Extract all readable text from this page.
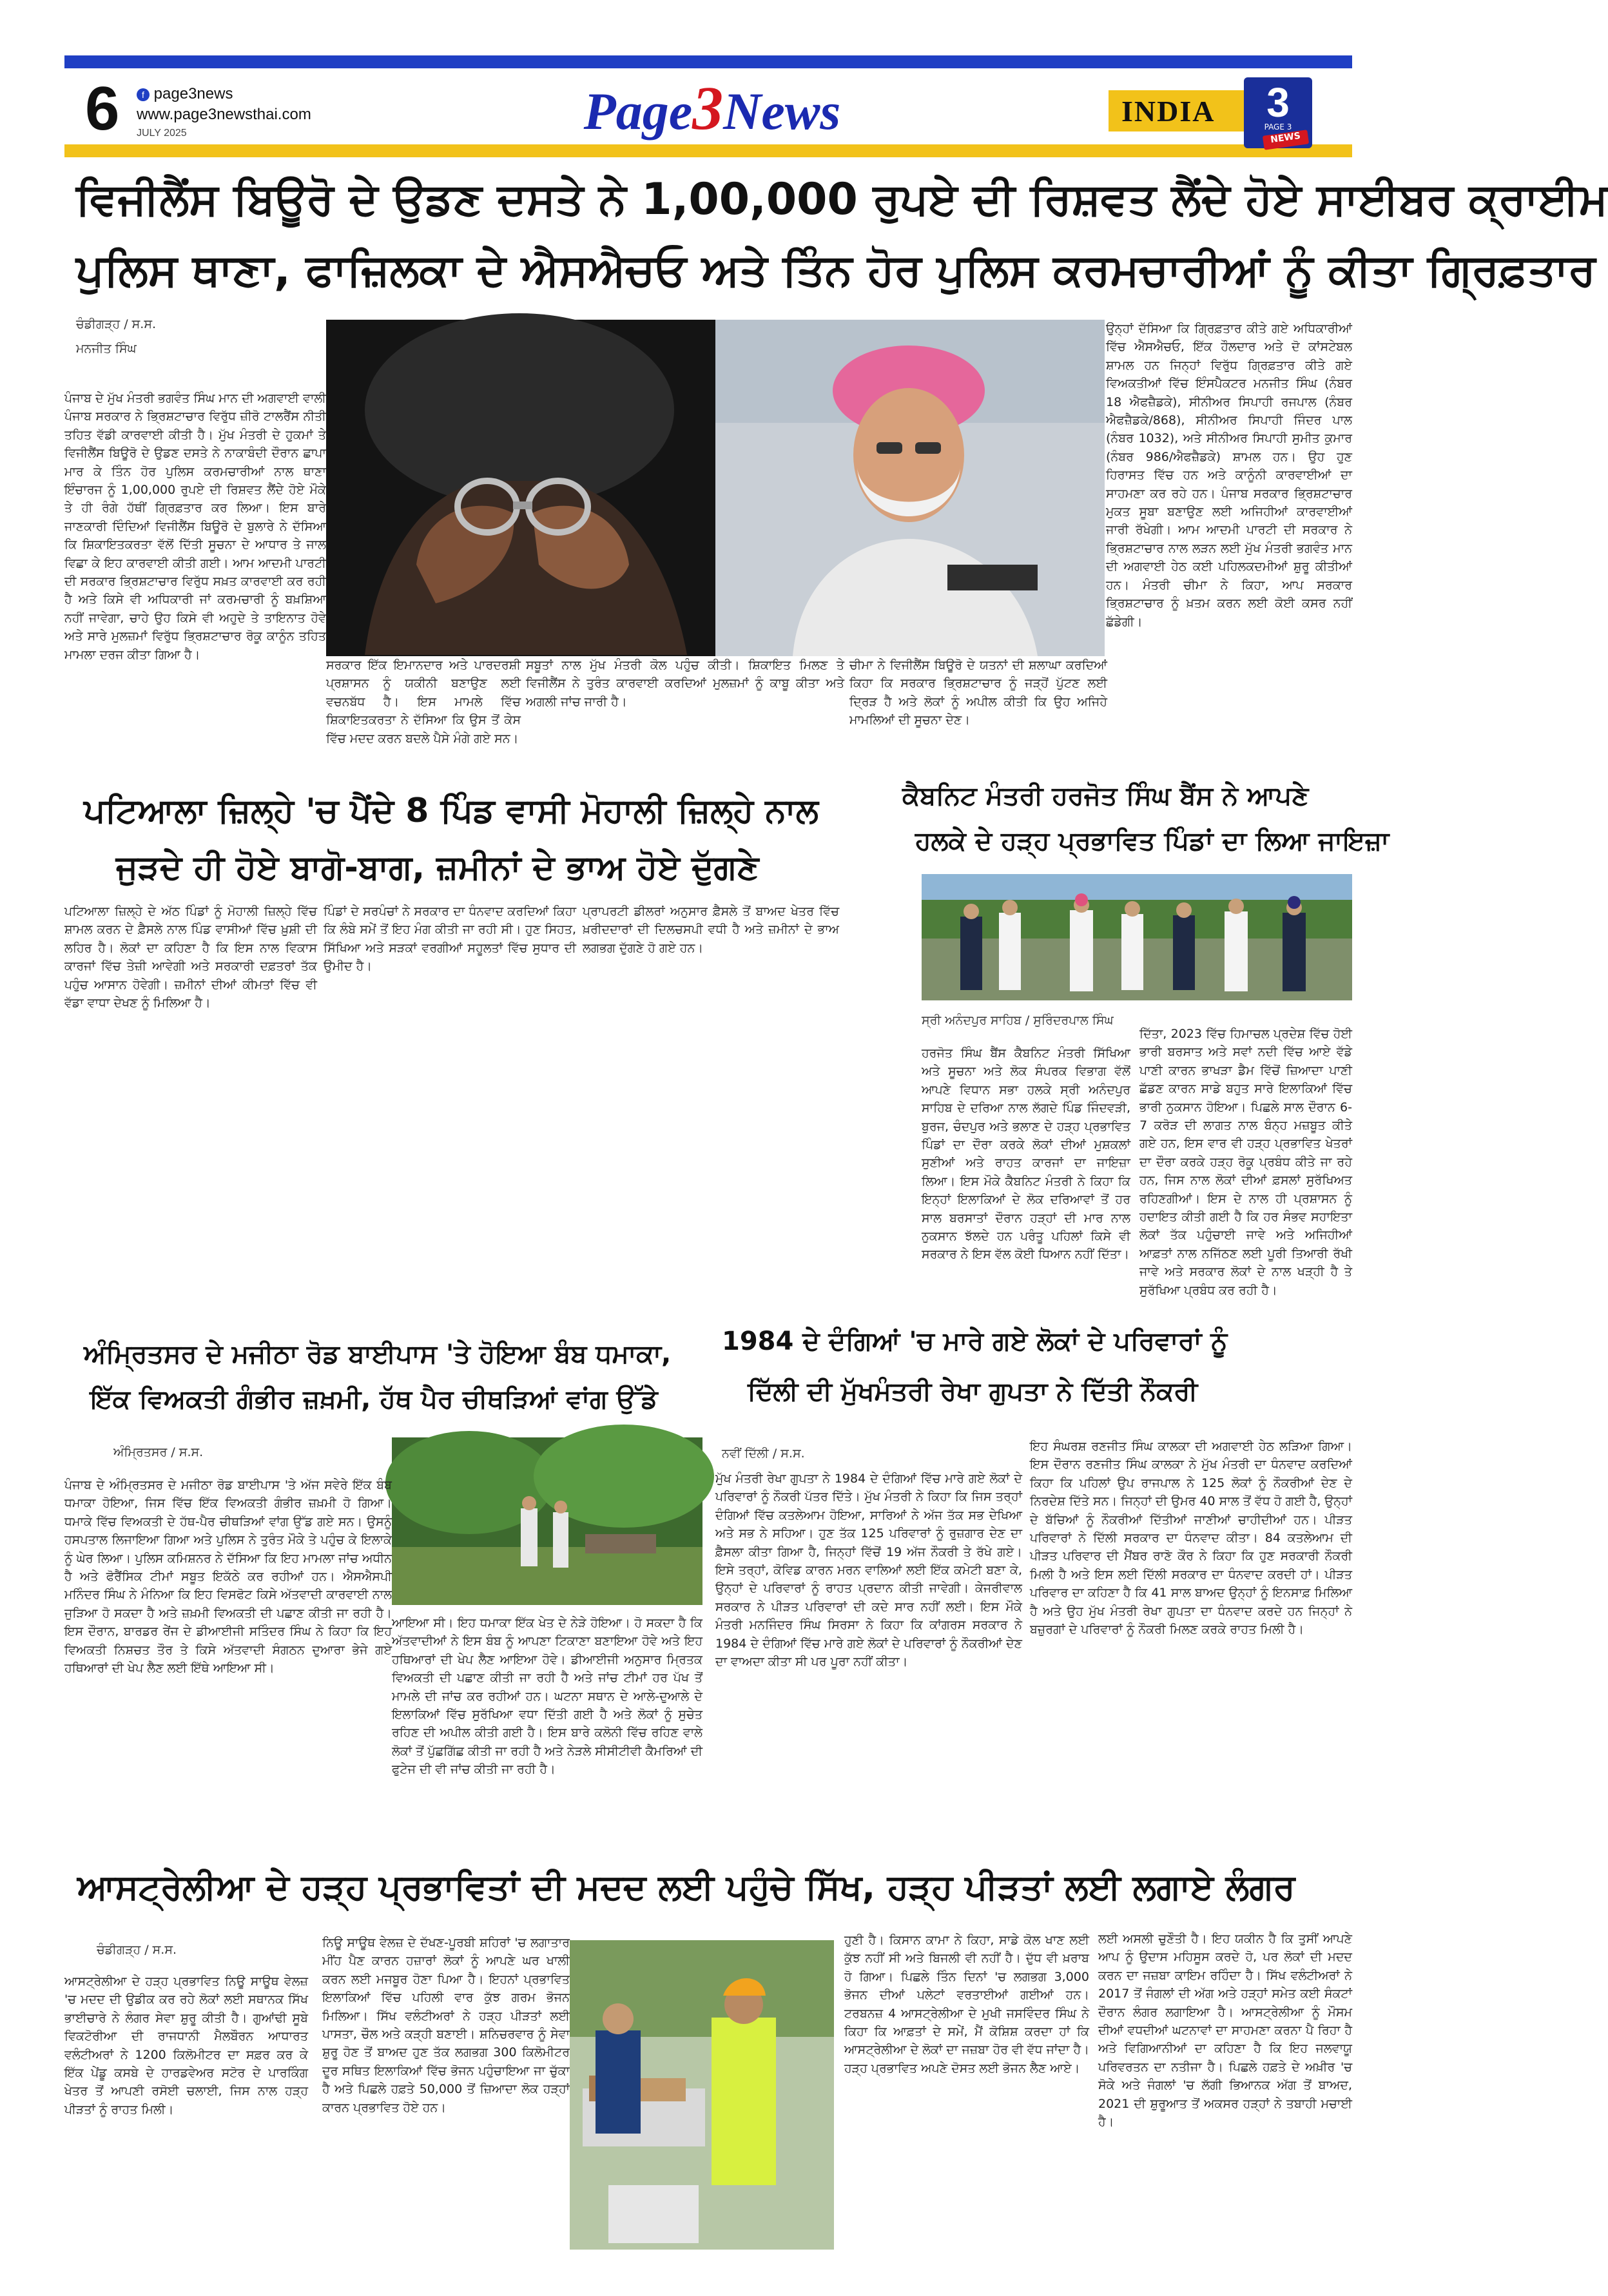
6	f page3news
www.page3newsthai.com
JULY 2025	Page3News	INDIA	3
PAGE 3
NEWS
ਵਿਜੀਲੈਂਸ ਬਿਊਰੋ ਦੇ ਉਡਣ ਦਸਤੇ ਨੇ 1,00,000 ਰੁਪਏ ਦੀ ਰਿਸ਼ਵਤ ਲੈਂਦੇ ਹੋਏ ਸਾਈਬਰ ਕ੍ਰਾਈਮ
ਪੁਲਿਸ ਥਾਣਾ, ਫਾਜ਼ਿਲਕਾ ਦੇ ਐਸਐਚਓ ਅਤੇ ਤਿੰਨ ਹੋਰ ਪੁਲਿਸ ਕਰਮਚਾਰੀਆਂ ਨੂੰ ਕੀਤਾ ਗ੍ਰਿਫ਼ਤਾਰ
ਚੰਡੀਗੜ੍ਹ / ਸ.ਸ.
ਮਨਜੀਤ ਸਿੰਘ
ਪੰਜਾਬ ਦੇ ਮੁੱਖ ਮੰਤਰੀ ਭਗਵੰਤ ਸਿੰਘ ਮਾਨ ਦੀ ਅਗਵਾਈ ਵਾਲੀ ਪੰਜਾਬ ਸਰਕਾਰ ਨੇ ਭ੍ਰਿਸ਼ਟਾਚਾਰ ਵਿਰੁੱਧ ਜ਼ੀਰੋ ਟਾਲਰੈਂਸ ਨੀਤੀ ਤਹਿਤ ਵੱਡੀ ਕਾਰਵਾਈ ਕੀਤੀ ਹੈ। ਮੁੱਖ ਮੰਤਰੀ ਦੇ ਹੁਕਮਾਂ ਤੇ ਵਿਜੀਲੈਂਸ ਬਿਊਰੋ ਦੇ ਉਡਣ ਦਸਤੇ ਨੇ ਨਾਕਾਬੰਦੀ ਦੌਰਾਨ ਛਾਪਾ ਮਾਰ ਕੇ ਤਿੰਨ ਹੋਰ ਪੁਲਿਸ ਕਰਮਚਾਰੀਆਂ ਨਾਲ ਥਾਣਾ ਇੰਚਾਰਜ ਨੂੰ 1,00,000 ਰੁਪਏ ਦੀ ਰਿਸ਼ਵਤ ਲੈਂਦੇ ਹੋਏ ਮੌਕੇ ਤੇ ਹੀ ਰੰਗੇ ਹੱਥੀਂ ਗ੍ਰਿਫ਼ਤਾਰ ਕਰ ਲਿਆ। ਇਸ ਬਾਰੇ ਜਾਣਕਾਰੀ ਦਿੰਦਿਆਂ ਵਿਜੀਲੈਂਸ ਬਿਊਰੋ ਦੇ ਬੁਲਾਰੇ ਨੇ ਦੱਸਿਆ ਕਿ ਸ਼ਿਕਾਇਤਕਰਤਾ ਵੱਲੋਂ ਦਿੱਤੀ ਸੂਚਨਾ ਦੇ ਆਧਾਰ ਤੇ ਜਾਲ ਵਿਛਾ ਕੇ ਇਹ ਕਾਰਵਾਈ ਕੀਤੀ ਗਈ। ਆਮ ਆਦਮੀ ਪਾਰਟੀ ਦੀ ਸਰਕਾਰ ਭ੍ਰਿਸ਼ਟਾਚਾਰ ਵਿਰੁੱਧ ਸਖ਼ਤ ਕਾਰਵਾਈ ਕਰ ਰਹੀ ਹੈ ਅਤੇ ਕਿਸੇ ਵੀ ਅਧਿਕਾਰੀ ਜਾਂ ਕਰਮਚਾਰੀ ਨੂੰ ਬਖ਼ਸ਼ਿਆ ਨਹੀਂ ਜਾਵੇਗਾ, ਚਾਹੇ ਉਹ ਕਿਸੇ ਵੀ ਅਹੁਦੇ ਤੇ ਤਾਇਨਾਤ ਹੋਵੇ ਅਤੇ ਸਾਰੇ ਮੁਲਜ਼ਮਾਂ ਵਿਰੁੱਧ ਭ੍ਰਿਸ਼ਟਾਚਾਰ ਰੋਕੂ ਕਾਨੂੰਨ ਤਹਿਤ ਮਾਮਲਾ ਦਰਜ ਕੀਤਾ ਗਿਆ ਹੈ।
ਸਰਕਾਰ ਇੱਕ ਇਮਾਨਦਾਰ ਅਤੇ ਪਾਰਦਰਸ਼ੀ ਪ੍ਰਸ਼ਾਸਨ ਨੂੰ ਯਕੀਨੀ ਬਣਾਉਣ ਲਈ ਵਚਨਬੱਧ ਹੈ। ਇਸ ਮਾਮਲੇ ਵਿੱਚ ਸ਼ਿਕਾਇਤਕਰਤਾ ਨੇ ਦੱਸਿਆ ਕਿ ਉਸ ਤੋਂ ਕੇਸ ਵਿੱਚ ਮਦਦ ਕਰਨ ਬਦਲੇ ਪੈਸੇ ਮੰਗੇ ਗਏ ਸਨ।
ਸਬੂਤਾਂ ਨਾਲ ਮੁੱਖ ਮੰਤਰੀ ਕੋਲ ਪਹੁੰਚ ਕੀਤੀ। ਸ਼ਿਕਾਇਤ ਮਿਲਣ ਤੇ ਵਿਜੀਲੈਂਸ ਨੇ ਤੁਰੰਤ ਕਾਰਵਾਈ ਕਰਦਿਆਂ ਮੁਲਜ਼ਮਾਂ ਨੂੰ ਕਾਬੂ ਕੀਤਾ ਅਤੇ ਅਗਲੀ ਜਾਂਚ ਜਾਰੀ ਹੈ।
ਚੀਮਾ ਨੇ ਵਿਜੀਲੈਂਸ ਬਿਊਰੋ ਦੇ ਯਤਨਾਂ ਦੀ ਸ਼ਲਾਘਾ ਕਰਦਿਆਂ ਕਿਹਾ ਕਿ ਸਰਕਾਰ ਭ੍ਰਿਸ਼ਟਾਚਾਰ ਨੂੰ ਜੜ੍ਹੋਂ ਪੁੱਟਣ ਲਈ ਦ੍ਰਿੜ ਹੈ ਅਤੇ ਲੋਕਾਂ ਨੂੰ ਅਪੀਲ ਕੀਤੀ ਕਿ ਉਹ ਅਜਿਹੇ ਮਾਮਲਿਆਂ ਦੀ ਸੂਚਨਾ ਦੇਣ।
ਉਨ੍ਹਾਂ ਦੱਸਿਆ ਕਿ ਗ੍ਰਿਫ਼ਤਾਰ ਕੀਤੇ ਗਏ ਅਧਿਕਾਰੀਆਂ ਵਿੱਚ ਐਸਐਚਓ, ਇੱਕ ਹੌਲਦਾਰ ਅਤੇ ਦੋ ਕਾਂਸਟੇਬਲ ਸ਼ਾਮਲ ਹਨ ਜਿਨ੍ਹਾਂ ਵਿਰੁੱਧ ਗ੍ਰਿਫ਼ਤਾਰ ਕੀਤੇ ਗਏ ਵਿਅਕਤੀਆਂ ਵਿੱਚ ਇੰਸਪੈਕਟਰ ਮਨਜੀਤ ਸਿੰਘ (ਨੰਬਰ 18 ਐਫਜ਼ੈਡਕੇ), ਸੀਨੀਅਰ ਸਿਪਾਹੀ ਰਜਪਾਲ (ਨੰਬਰ ਐਫਜ਼ੈਡਕੇ/868), ਸੀਨੀਅਰ ਸਿਪਾਹੀ ਜਿੰਦਰ ਪਾਲ (ਨੰਬਰ 1032), ਅਤੇ ਸੀਨੀਅਰ ਸਿਪਾਹੀ ਸੁਮੀਤ ਕੁਮਾਰ (ਨੰਬਰ 986/ਐਫਜ਼ੈਡਕੇ) ਸ਼ਾਮਲ ਹਨ। ਉਹ ਹੁਣ ਹਿਰਾਸਤ ਵਿੱਚ ਹਨ ਅਤੇ ਕਾਨੂੰਨੀ ਕਾਰਵਾਈਆਂ ਦਾ ਸਾਹਮਣਾ ਕਰ ਰਹੇ ਹਨ। ਪੰਜਾਬ ਸਰਕਾਰ ਭ੍ਰਿਸ਼ਟਾਚਾਰ ਮੁਕਤ ਸੂਬਾ ਬਣਾਉਣ ਲਈ ਅਜਿਹੀਆਂ ਕਾਰਵਾਈਆਂ ਜਾਰੀ ਰੱਖੇਗੀ। ਆਮ ਆਦਮੀ ਪਾਰਟੀ ਦੀ ਸਰਕਾਰ ਨੇ ਭ੍ਰਿਸ਼ਟਾਚਾਰ ਨਾਲ ਲੜਨ ਲਈ ਮੁੱਖ ਮੰਤਰੀ ਭਗਵੰਤ ਮਾਨ ਦੀ ਅਗਵਾਈ ਹੇਠ ਕਈ ਪਹਿਲਕਦਮੀਆਂ ਸ਼ੁਰੂ ਕੀਤੀਆਂ ਹਨ। ਮੰਤਰੀ ਚੀਮਾ ਨੇ ਕਿਹਾ, ਆਪ ਸਰਕਾਰ ਭ੍ਰਿਸ਼ਟਾਚਾਰ ਨੂੰ ਖ਼ਤਮ ਕਰਨ ਲਈ ਕੋਈ ਕਸਰ ਨਹੀਂ ਛੱਡੇਗੀ।
ਪਟਿਆਲਾ ਜ਼ਿਲ੍ਹੇ 'ਚ ਪੈਂਦੇ 8 ਪਿੰਡ ਵਾਸੀ ਮੋਹਾਲੀ ਜ਼ਿਲ੍ਹੇ ਨਾਲ
ਜੁੜਦੇ ਹੀ ਹੋਏ ਬਾਗੋ-ਬਾਗ, ਜ਼ਮੀਨਾਂ ਦੇ ਭਾਅ ਹੋਏ ਦੁੱਗਣੇ
ਪਟਿਆਲਾ ਜ਼ਿਲ੍ਹੇ ਦੇ ਅੱਠ ਪਿੰਡਾਂ ਨੂੰ ਮੋਹਾਲੀ ਜ਼ਿਲ੍ਹੇ ਵਿੱਚ ਸ਼ਾਮਲ ਕਰਨ ਦੇ ਫ਼ੈਸਲੇ ਨਾਲ ਪਿੰਡ ਵਾਸੀਆਂ ਵਿੱਚ ਖ਼ੁਸ਼ੀ ਦੀ ਲਹਿਰ ਹੈ। ਲੋਕਾਂ ਦਾ ਕਹਿਣਾ ਹੈ ਕਿ ਇਸ ਨਾਲ ਵਿਕਾਸ ਕਾਰਜਾਂ ਵਿੱਚ ਤੇਜ਼ੀ ਆਵੇਗੀ ਅਤੇ ਸਰਕਾਰੀ ਦਫ਼ਤਰਾਂ ਤੱਕ ਪਹੁੰਚ ਆਸਾਨ ਹੋਵੇਗੀ। ਜ਼ਮੀਨਾਂ ਦੀਆਂ ਕੀਮਤਾਂ ਵਿੱਚ ਵੀ ਵੱਡਾ ਵਾਧਾ ਦੇਖਣ ਨੂੰ ਮਿਲਿਆ ਹੈ।
ਪਿੰਡਾਂ ਦੇ ਸਰਪੰਚਾਂ ਨੇ ਸਰਕਾਰ ਦਾ ਧੰਨਵਾਦ ਕਰਦਿਆਂ ਕਿਹਾ ਕਿ ਲੰਬੇ ਸਮੇਂ ਤੋਂ ਇਹ ਮੰਗ ਕੀਤੀ ਜਾ ਰਹੀ ਸੀ। ਹੁਣ ਸਿਹਤ, ਸਿੱਖਿਆ ਅਤੇ ਸੜਕਾਂ ਵਰਗੀਆਂ ਸਹੂਲਤਾਂ ਵਿੱਚ ਸੁਧਾਰ ਦੀ ਉਮੀਦ ਹੈ।
ਪ੍ਰਾਪਰਟੀ ਡੀਲਰਾਂ ਅਨੁਸਾਰ ਫ਼ੈਸਲੇ ਤੋਂ ਬਾਅਦ ਖੇਤਰ ਵਿੱਚ ਖ਼ਰੀਦਦਾਰਾਂ ਦੀ ਦਿਲਚਸਪੀ ਵਧੀ ਹੈ ਅਤੇ ਜ਼ਮੀਨਾਂ ਦੇ ਭਾਅ ਲਗਭਗ ਦੁੱਗਣੇ ਹੋ ਗਏ ਹਨ।
ਕੈਬਨਿਟ ਮੰਤਰੀ ਹਰਜੋਤ ਸਿੰਘ ਬੈਂਸ ਨੇ ਆਪਣੇ
ਹਲਕੇ ਦੇ ਹੜ੍ਹ ਪ੍ਰਭਾਵਿਤ ਪਿੰਡਾਂ ਦਾ ਲਿਆ ਜਾਇਜ਼ਾ
ਸ੍ਰੀ ਅਨੰਦਪੁਰ ਸਾਹਿਬ / ਸੁਰਿੰਦਰਪਾਲ ਸਿੰਘ
ਹਰਜੋਤ ਸਿੰਘ ਬੈਂਸ ਕੈਬਨਿਟ ਮੰਤਰੀ ਸਿੱਖਿਆ ਅਤੇ ਸੂਚਨਾ ਅਤੇ ਲੋਕ ਸੰਪਰਕ ਵਿਭਾਗ ਵੱਲੋਂ ਆਪਣੇ ਵਿਧਾਨ ਸਭਾ ਹਲਕੇ ਸ੍ਰੀ ਅਨੰਦਪੁਰ ਸਾਹਿਬ ਦੇ ਦਰਿਆ ਨਾਲ ਲੱਗਦੇ ਪਿੰਡ ਜਿੰਦਵੜੀ, ਬੁਰਜ, ਚੰਦਪੁਰ ਅਤੇ ਭਲਾਣ ਦੇ ਹੜ੍ਹ ਪ੍ਰਭਾਵਿਤ ਪਿੰਡਾਂ ਦਾ ਦੌਰਾ ਕਰਕੇ ਲੋਕਾਂ ਦੀਆਂ ਮੁਸ਼ਕਲਾਂ ਸੁਣੀਆਂ ਅਤੇ ਰਾਹਤ ਕਾਰਜਾਂ ਦਾ ਜਾਇਜ਼ਾ ਲਿਆ। ਇਸ ਮੌਕੇ ਕੈਬਨਿਟ ਮੰਤਰੀ ਨੇ ਕਿਹਾ ਕਿ ਇਨ੍ਹਾਂ ਇਲਾਕਿਆਂ ਦੇ ਲੋਕ ਦਰਿਆਵਾਂ ਤੋਂ ਹਰ ਸਾਲ ਬਰਸਾਤਾਂ ਦੌਰਾਨ ਹੜ੍ਹਾਂ ਦੀ ਮਾਰ ਨਾਲ ਨੁਕਸਾਨ ਝੱਲਦੇ ਹਨ ਪਰੰਤੂ ਪਹਿਲਾਂ ਕਿਸੇ ਵੀ ਸਰਕਾਰ ਨੇ ਇਸ ਵੱਲ ਕੋਈ ਧਿਆਨ ਨਹੀਂ ਦਿੱਤਾ।
ਦਿੱਤਾ, 2023 ਵਿੱਚ ਹਿਮਾਚਲ ਪ੍ਰਦੇਸ਼ ਵਿੱਚ ਹੋਈ ਭਾਰੀ ਬਰਸਾਤ ਅਤੇ ਸਵਾਂ ਨਦੀ ਵਿੱਚ ਆਏ ਵੱਡੇ ਪਾਣੀ ਕਾਰਨ ਭਾਖੜਾ ਡੈਮ ਵਿੱਚੋਂ ਜ਼ਿਆਦਾ ਪਾਣੀ ਛੱਡਣ ਕਾਰਨ ਸਾਡੇ ਬਹੁਤ ਸਾਰੇ ਇਲਾਕਿਆਂ ਵਿੱਚ ਭਾਰੀ ਨੁਕਸਾਨ ਹੋਇਆ। ਪਿਛਲੇ ਸਾਲ ਦੌਰਾਨ 6-7 ਕਰੋੜ ਦੀ ਲਾਗਤ ਨਾਲ ਬੰਨ੍ਹ ਮਜ਼ਬੂਤ ਕੀਤੇ ਗਏ ਹਨ, ਇਸ ਵਾਰ ਵੀ ਹੜ੍ਹ ਪ੍ਰਭਾਵਿਤ ਖੇਤਰਾਂ ਦਾ ਦੌਰਾ ਕਰਕੇ ਹੜ੍ਹ ਰੋਕੂ ਪ੍ਰਬੰਧ ਕੀਤੇ ਜਾ ਰਹੇ ਹਨ, ਜਿਸ ਨਾਲ ਲੋਕਾਂ ਦੀਆਂ ਫ਼ਸਲਾਂ ਸੁਰੱਖਿਅਤ ਰਹਿਣਗੀਆਂ। ਇਸ ਦੇ ਨਾਲ ਹੀ ਪ੍ਰਸ਼ਾਸਨ ਨੂੰ ਹਦਾਇਤ ਕੀਤੀ ਗਈ ਹੈ ਕਿ ਹਰ ਸੰਭਵ ਸਹਾਇਤਾ ਲੋਕਾਂ ਤੱਕ ਪਹੁੰਚਾਈ ਜਾਵੇ ਅਤੇ ਅਜਿਹੀਆਂ ਆਫ਼ਤਾਂ ਨਾਲ ਨਜਿੱਠਣ ਲਈ ਪੂਰੀ ਤਿਆਰੀ ਰੱਖੀ ਜਾਵੇ ਅਤੇ ਸਰਕਾਰ ਲੋਕਾਂ ਦੇ ਨਾਲ ਖੜ੍ਹੀ ਹੈ ਤੇ ਸੁਰੱਖਿਆ ਪ੍ਰਬੰਧ ਕਰ ਰਹੀ ਹੈ।
ਅੰਮ੍ਰਿਤਸਰ ਦੇ ਮਜੀਠਾ ਰੋਡ ਬਾਈਪਾਸ 'ਤੇ ਹੋਇਆ ਬੰਬ ਧਮਾਕਾ,
ਇੱਕ ਵਿਅਕਤੀ ਗੰਭੀਰ ਜ਼ਖ਼ਮੀ, ਹੱਥ ਪੈਰ ਚੀਥੜਿਆਂ ਵਾਂਗ ਉੱਡੇ
ਅੰਮ੍ਰਿਤਸਰ / ਸ.ਸ.
ਪੰਜਾਬ ਦੇ ਅੰਮ੍ਰਿਤਸਰ ਦੇ ਮਜੀਠਾ ਰੋਡ ਬਾਈਪਾਸ 'ਤੇ ਅੱਜ ਸਵੇਰੇ ਇੱਕ ਬੰਬ ਧਮਾਕਾ ਹੋਇਆ, ਜਿਸ ਵਿੱਚ ਇੱਕ ਵਿਅਕਤੀ ਗੰਭੀਰ ਜ਼ਖ਼ਮੀ ਹੋ ਗਿਆ। ਧਮਾਕੇ ਵਿੱਚ ਵਿਅਕਤੀ ਦੇ ਹੱਥ-ਪੈਰ ਚੀਥੜਿਆਂ ਵਾਂਗ ਉੱਡ ਗਏ ਸਨ। ਉਸਨੂੰ ਹਸਪਤਾਲ ਲਿਜਾਇਆ ਗਿਆ ਅਤੇ ਪੁਲਿਸ ਨੇ ਤੁਰੰਤ ਮੌਕੇ ਤੇ ਪਹੁੰਚ ਕੇ ਇਲਾਕੇ ਨੂੰ ਘੇਰ ਲਿਆ। ਪੁਲਿਸ ਕਮਿਸ਼ਨਰ ਨੇ ਦੱਸਿਆ ਕਿ ਇਹ ਮਾਮਲਾ ਜਾਂਚ ਅਧੀਨ ਹੈ ਅਤੇ ਫੋਰੈਂਸਿਕ ਟੀਮਾਂ ਸਬੂਤ ਇਕੱਠੇ ਕਰ ਰਹੀਆਂ ਹਨ। ਐਸਐਸਪੀ ਮਨਿੰਦਰ ਸਿੰਘ ਨੇ ਮੰਨਿਆ ਕਿ ਇਹ ਵਿਸਫੋਟ ਕਿਸੇ ਅੱਤਵਾਦੀ ਕਾਰਵਾਈ ਨਾਲ ਜੁੜਿਆ ਹੋ ਸਕਦਾ ਹੈ ਅਤੇ ਜ਼ਖ਼ਮੀ ਵਿਅਕਤੀ ਦੀ ਪਛਾਣ ਕੀਤੀ ਜਾ ਰਹੀ ਹੈ। ਇਸ ਦੌਰਾਨ, ਬਾਰਡਰ ਰੇਂਜ ਦੇ ਡੀਆਈਜੀ ਸਤਿੰਦਰ ਸਿੰਘ ਨੇ ਕਿਹਾ ਕਿ ਇਹ ਵਿਅਕਤੀ ਨਿਸ਼ਚਤ ਤੌਰ ਤੇ ਕਿਸੇ ਅੱਤਵਾਦੀ ਸੰਗਠਨ ਦੁਆਰਾ ਭੇਜੇ ਗਏ ਹਥਿਆਰਾਂ ਦੀ ਖੇਪ ਲੈਣ ਲਈ ਇੱਥੇ ਆਇਆ ਸੀ।
ਆਇਆ ਸੀ। ਇਹ ਧਮਾਕਾ ਇੱਕ ਖੇਤ ਦੇ ਨੇੜੇ ਹੋਇਆ। ਹੋ ਸਕਦਾ ਹੈ ਕਿ ਅੱਤਵਾਦੀਆਂ ਨੇ ਇਸ ਬੰਬ ਨੂੰ ਆਪਣਾ ਟਿਕਾਣਾ ਬਣਾਇਆ ਹੋਵੇ ਅਤੇ ਇਹ ਹਥਿਆਰਾਂ ਦੀ ਖੇਪ ਲੈਣ ਆਇਆ ਹੋਵੇ। ਡੀਆਈਜੀ ਅਨੁਸਾਰ ਮ੍ਰਿਤਕ ਵਿਅਕਤੀ ਦੀ ਪਛਾਣ ਕੀਤੀ ਜਾ ਰਹੀ ਹੈ ਅਤੇ ਜਾਂਚ ਟੀਮਾਂ ਹਰ ਪੱਖ ਤੋਂ ਮਾਮਲੇ ਦੀ ਜਾਂਚ ਕਰ ਰਹੀਆਂ ਹਨ। ਘਟਨਾ ਸਥਾਨ ਦੇ ਆਲੇ-ਦੁਆਲੇ ਦੇ ਇਲਾਕਿਆਂ ਵਿੱਚ ਸੁਰੱਖਿਆ ਵਧਾ ਦਿੱਤੀ ਗਈ ਹੈ ਅਤੇ ਲੋਕਾਂ ਨੂੰ ਸੁਚੇਤ ਰਹਿਣ ਦੀ ਅਪੀਲ ਕੀਤੀ ਗਈ ਹੈ। ਇਸ ਬਾਰੇ ਕਲੋਨੀ ਵਿੱਚ ਰਹਿਣ ਵਾਲੇ ਲੋਕਾਂ ਤੋਂ ਪੁੱਛਗਿੱਛ ਕੀਤੀ ਜਾ ਰਹੀ ਹੈ ਅਤੇ ਨੇੜਲੇ ਸੀਸੀਟੀਵੀ ਕੈਮਰਿਆਂ ਦੀ ਫੁਟੇਜ ਦੀ ਵੀ ਜਾਂਚ ਕੀਤੀ ਜਾ ਰਹੀ ਹੈ।
1984 ਦੇ ਦੰਗਿਆਂ 'ਚ ਮਾਰੇ ਗਏ ਲੋਕਾਂ ਦੇ ਪਰਿਵਾਰਾਂ ਨੂੰ
ਦਿੱਲੀ ਦੀ ਮੁੱਖਮੰਤਰੀ ਰੇਖਾ ਗੁਪਤਾ ਨੇ ਦਿੱਤੀ ਨੌਕਰੀ
ਨਵੀਂ ਦਿੱਲੀ / ਸ.ਸ.
ਮੁੱਖ ਮੰਤਰੀ ਰੇਖਾ ਗੁਪਤਾ ਨੇ 1984 ਦੇ ਦੰਗਿਆਂ ਵਿੱਚ ਮਾਰੇ ਗਏ ਲੋਕਾਂ ਦੇ ਪਰਿਵਾਰਾਂ ਨੂੰ ਨੌਕਰੀ ਪੱਤਰ ਦਿੱਤੇ। ਮੁੱਖ ਮੰਤਰੀ ਨੇ ਕਿਹਾ ਕਿ ਜਿਸ ਤਰ੍ਹਾਂ ਦੰਗਿਆਂ ਵਿੱਚ ਕਤਲੇਆਮ ਹੋਇਆ, ਸਾਰਿਆਂ ਨੇ ਅੱਜ ਤੱਕ ਸਭ ਦੇਖਿਆ ਅਤੇ ਸਭ ਨੇ ਸਹਿਆ। ਹੁਣ ਤੱਕ 125 ਪਰਿਵਾਰਾਂ ਨੂੰ ਰੁਜ਼ਗਾਰ ਦੇਣ ਦਾ ਫ਼ੈਸਲਾ ਕੀਤਾ ਗਿਆ ਹੈ, ਜਿਨ੍ਹਾਂ ਵਿੱਚੋਂ 19 ਅੱਜ ਨੌਕਰੀ ਤੇ ਰੱਖੇ ਗਏ। ਇਸੇ ਤਰ੍ਹਾਂ, ਕੋਵਿਡ ਕਾਰਨ ਮਰਨ ਵਾਲਿਆਂ ਲਈ ਇੱਕ ਕਮੇਟੀ ਬਣਾ ਕੇ, ਉਨ੍ਹਾਂ ਦੇ ਪਰਿਵਾਰਾਂ ਨੂੰ ਰਾਹਤ ਪ੍ਰਦਾਨ ਕੀਤੀ ਜਾਵੇਗੀ। ਕੇਜਰੀਵਾਲ ਸਰਕਾਰ ਨੇ ਪੀੜਤ ਪਰਿਵਾਰਾਂ ਦੀ ਕਦੇ ਸਾਰ ਨਹੀਂ ਲਈ। ਇਸ ਮੌਕੇ ਮੰਤਰੀ ਮਨਜਿੰਦਰ ਸਿੰਘ ਸਿਰਸਾ ਨੇ ਕਿਹਾ ਕਿ ਕਾਂਗਰਸ ਸਰਕਾਰ ਨੇ 1984 ਦੇ ਦੰਗਿਆਂ ਵਿੱਚ ਮਾਰੇ ਗਏ ਲੋਕਾਂ ਦੇ ਪਰਿਵਾਰਾਂ ਨੂੰ ਨੌਕਰੀਆਂ ਦੇਣ ਦਾ ਵਾਅਦਾ ਕੀਤਾ ਸੀ ਪਰ ਪੂਰਾ ਨਹੀਂ ਕੀਤਾ।
ਇਹ ਸੰਘਰਸ਼ ਰਣਜੀਤ ਸਿੰਘ ਕਾਲਕਾ ਦੀ ਅਗਵਾਈ ਹੇਠ ਲੜਿਆ ਗਿਆ। ਇਸ ਦੌਰਾਨ ਰਣਜੀਤ ਸਿੰਘ ਕਾਲਕਾ ਨੇ ਮੁੱਖ ਮੰਤਰੀ ਦਾ ਧੰਨਵਾਦ ਕਰਦਿਆਂ ਕਿਹਾ ਕਿ ਪਹਿਲਾਂ ਉਪ ਰਾਜਪਾਲ ਨੇ 125 ਲੋਕਾਂ ਨੂੰ ਨੌਕਰੀਆਂ ਦੇਣ ਦੇ ਨਿਰਦੇਸ਼ ਦਿੱਤੇ ਸਨ। ਜਿਨ੍ਹਾਂ ਦੀ ਉਮਰ 40 ਸਾਲ ਤੋਂ ਵੱਧ ਹੋ ਗਈ ਹੈ, ਉਨ੍ਹਾਂ ਦੇ ਬੱਚਿਆਂ ਨੂੰ ਨੌਕਰੀਆਂ ਦਿੱਤੀਆਂ ਜਾਣੀਆਂ ਚਾਹੀਦੀਆਂ ਹਨ। ਪੀੜਤ ਪਰਿਵਾਰਾਂ ਨੇ ਦਿੱਲੀ ਸਰਕਾਰ ਦਾ ਧੰਨਵਾਦ ਕੀਤਾ। 84 ਕਤਲੇਆਮ ਦੀ ਪੀੜਤ ਪਰਿਵਾਰ ਦੀ ਮੈਂਬਰ ਰਾਣੋ ਕੌਰ ਨੇ ਕਿਹਾ ਕਿ ਹੁਣ ਸਰਕਾਰੀ ਨੌਕਰੀ ਮਿਲੀ ਹੈ ਅਤੇ ਇਸ ਲਈ ਦਿੱਲੀ ਸਰਕਾਰ ਦਾ ਧੰਨਵਾਦ ਕਰਦੀ ਹਾਂ। ਪੀੜਤ ਪਰਿਵਾਰ ਦਾ ਕਹਿਣਾ ਹੈ ਕਿ 41 ਸਾਲ ਬਾਅਦ ਉਨ੍ਹਾਂ ਨੂੰ ਇਨਸਾਫ਼ ਮਿਲਿਆ ਹੈ ਅਤੇ ਉਹ ਮੁੱਖ ਮੰਤਰੀ ਰੇਖਾ ਗੁਪਤਾ ਦਾ ਧੰਨਵਾਦ ਕਰਦੇ ਹਨ ਜਿਨ੍ਹਾਂ ਨੇ ਬਜ਼ੁਰਗਾਂ ਦੇ ਪਰਿਵਾਰਾਂ ਨੂੰ ਨੌਕਰੀ ਮਿਲਣ ਕਰਕੇ ਰਾਹਤ ਮਿਲੀ ਹੈ।
ਆਸਟ੍ਰੇਲੀਆ ਦੇ ਹੜ੍ਹ ਪ੍ਰਭਾਵਿਤਾਂ ਦੀ ਮਦਦ ਲਈ ਪਹੁੰਚੇ ਸਿੱਖ, ਹੜ੍ਹ ਪੀੜਤਾਂ ਲਈ ਲਗਾਏ ਲੰਗਰ
ਚੰਡੀਗੜ੍ਹ / ਸ.ਸ.
ਆਸਟ੍ਰੇਲੀਆ ਦੇ ਹੜ੍ਹ ਪ੍ਰਭਾਵਿਤ ਨਿਊ ਸਾਊਥ ਵੇਲਜ਼ 'ਚ ਮਦਦ ਦੀ ਉਡੀਕ ਕਰ ਰਹੇ ਲੋਕਾਂ ਲਈ ਸਥਾਨਕ ਸਿੱਖ ਭਾਈਚਾਰੇ ਨੇ ਲੰਗਰ ਸੇਵਾ ਸ਼ੁਰੂ ਕੀਤੀ ਹੈ। ਗੁਆਂਢੀ ਸੂਬੇ ਵਿਕਟੋਰੀਆ ਦੀ ਰਾਜਧਾਨੀ ਮੈਲਬੌਰਨ ਆਧਾਰਤ ਵਲੰਟੀਅਰਾਂ ਨੇ 1200 ਕਿਲੋਮੀਟਰ ਦਾ ਸਫ਼ਰ ਕਰ ਕੇ ਇੱਕ ਪੇਂਡੂ ਕਸਬੇ ਦੇ ਹਾਰਡਵੇਅਰ ਸਟੋਰ ਦੇ ਪਾਰਕਿੰਗ ਖੇਤਰ ਤੋਂ ਆਪਣੀ ਰਸੋਈ ਚਲਾਈ, ਜਿਸ ਨਾਲ ਹੜ੍ਹ ਪੀੜਤਾਂ ਨੂੰ ਰਾਹਤ ਮਿਲੀ।
ਨਿਊ ਸਾਊਥ ਵੇਲਜ਼ ਦੇ ਦੱਖਣ-ਪੂਰਬੀ ਸ਼ਹਿਰਾਂ 'ਚ ਲਗਾਤਾਰ ਮੀਂਹ ਪੈਣ ਕਾਰਨ ਹਜ਼ਾਰਾਂ ਲੋਕਾਂ ਨੂੰ ਆਪਣੇ ਘਰ ਖਾਲੀ ਕਰਨ ਲਈ ਮਜਬੂਰ ਹੋਣਾ ਪਿਆ ਹੈ। ਇਹਨਾਂ ਪ੍ਰਭਾਵਿਤ ਇਲਾਕਿਆਂ ਵਿੱਚ ਪਹਿਲੀ ਵਾਰ ਕੁੱਝ ਗਰਮ ਭੋਜਨ ਮਿਲਿਆ। ਸਿੱਖ ਵਲੰਟੀਅਰਾਂ ਨੇ ਹੜ੍ਹ ਪੀੜਤਾਂ ਲਈ ਪਾਸਤਾ, ਚੌਲ ਅਤੇ ਕੜ੍ਹੀ ਬਣਾਈ। ਸ਼ਨਿਚਰਵਾਰ ਨੂੰ ਸੇਵਾ ਸ਼ੁਰੂ ਹੋਣ ਤੋਂ ਬਾਅਦ ਹੁਣ ਤੱਕ ਲਗਭਗ 300 ਕਿਲੋਮੀਟਰ ਦੂਰ ਸਥਿਤ ਇਲਾਕਿਆਂ ਵਿੱਚ ਭੋਜਨ ਪਹੁੰਚਾਇਆ ਜਾ ਚੁੱਕਾ ਹੈ ਅਤੇ ਪਿਛਲੇ ਹਫ਼ਤੇ 50,000 ਤੋਂ ਜ਼ਿਆਦਾ ਲੋਕ ਹੜ੍ਹਾਂ ਕਾਰਨ ਪ੍ਰਭਾਵਿਤ ਹੋਏ ਹਨ।
ਹੁਣੀ ਹੈ। ਕਿਸਾਨ ਕਾਮਾ ਨੇ ਕਿਹਾ, ਸਾਡੇ ਕੋਲ ਖਾਣ ਲਈ ਕੁੱਝ ਨਹੀਂ ਸੀ ਅਤੇ ਬਿਜਲੀ ਵੀ ਨਹੀਂ ਹੈ। ਦੁੱਧ ਵੀ ਖ਼ਰਾਬ ਹੋ ਗਿਆ। ਪਿਛਲੇ ਤਿੰਨ ਦਿਨਾਂ 'ਚ ਲਗਭਗ 3,000 ਭੋਜਨ ਦੀਆਂ ਪਲੇਟਾਂ ਵਰਤਾਈਆਂ ਗਈਆਂ ਹਨ। ਟਰਬਨਜ਼ 4 ਆਸਟ੍ਰੇਲੀਆ ਦੇ ਮੁਖੀ ਜਸਵਿੰਦਰ ਸਿੰਘ ਨੇ ਕਿਹਾ ਕਿ ਆਫ਼ਤਾਂ ਦੇ ਸਮੇਂ, ਮੈਂ ਕੋਸ਼ਿਸ਼ ਕਰਦਾ ਹਾਂ ਕਿ ਆਸਟ੍ਰੇਲੀਆ ਦੇ ਲੋਕਾਂ ਦਾ ਜਜ਼ਬਾ ਹੋਰ ਵੀ ਵੱਧ ਜਾਂਦਾ ਹੈ। ਹੜ੍ਹ ਪ੍ਰਭਾਵਿਤ ਅਪਣੇ ਦੋਸਤ ਲਈ ਭੋਜਨ ਲੈਣ ਆਏ।
ਲਈ ਅਸਲੀ ਚੁਣੌਤੀ ਹੈ। ਇਹ ਯਕੀਨ ਹੈ ਕਿ ਤੁਸੀਂ ਆਪਣੇ ਆਪ ਨੂੰ ਉਦਾਸ ਮਹਿਸੂਸ ਕਰਦੇ ਹੋ, ਪਰ ਲੋਕਾਂ ਦੀ ਮਦਦ ਕਰਨ ਦਾ ਜਜ਼ਬਾ ਕਾਇਮ ਰਹਿੰਦਾ ਹੈ। ਸਿੱਖ ਵਲੰਟੀਅਰਾਂ ਨੇ 2017 ਤੋਂ ਜੰਗਲਾਂ ਦੀ ਅੱਗ ਅਤੇ ਹੜ੍ਹਾਂ ਸਮੇਤ ਕਈ ਸੰਕਟਾਂ ਦੌਰਾਨ ਲੰਗਰ ਲਗਾਇਆ ਹੈ। ਆਸਟ੍ਰੇਲੀਆ ਨੂੰ ਮੌਸਮ ਦੀਆਂ ਵਧਦੀਆਂ ਘਟਨਾਵਾਂ ਦਾ ਸਾਹਮਣਾ ਕਰਨਾ ਪੈ ਰਿਹਾ ਹੈ ਅਤੇ ਵਿਗਿਆਨੀਆਂ ਦਾ ਕਹਿਣਾ ਹੈ ਕਿ ਇਹ ਜਲਵਾਯੂ ਪਰਿਵਰਤਨ ਦਾ ਨਤੀਜਾ ਹੈ। ਪਿਛਲੇ ਹਫ਼ਤੇ ਦੇ ਅਖ਼ੀਰ 'ਚ ਸੋਕੇ ਅਤੇ ਜੰਗਲਾਂ 'ਚ ਲੱਗੀ ਭਿਆਨਕ ਅੱਗ ਤੋਂ ਬਾਅਦ, 2021 ਦੀ ਸ਼ੁਰੂਆਤ ਤੋਂ ਅਕਸਰ ਹੜ੍ਹਾਂ ਨੇ ਤਬਾਹੀ ਮਚਾਈ ਹੈ।
